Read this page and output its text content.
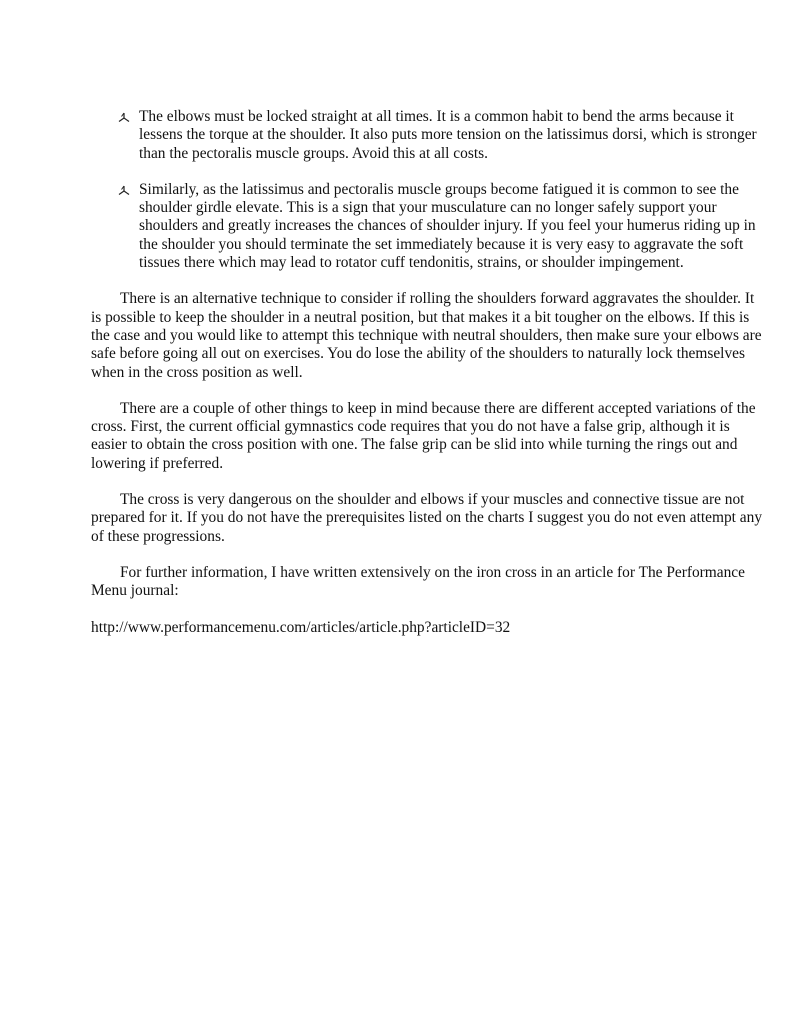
The elbows must be locked straight at all times. It is a common habit to bend the arms because it lessens the torque at the shoulder. It also puts more tension on the latissimus dorsi, which is stronger than the pectoralis muscle groups. Avoid this at all costs.
Similarly, as the latissimus and pectoralis muscle groups become fatigued it is common to see the shoulder girdle elevate. This is a sign that your musculature can no longer safely support your shoulders and greatly increases the chances of shoulder injury. If you feel your humerus riding up in the shoulder you should terminate the set immediately because it is very easy to aggravate the soft tissues there which may lead to rotator cuff tendonitis, strains, or shoulder impingement.

There is an alternative technique to consider if rolling the shoulders forward aggravates the shoulder. It is possible to keep the shoulder in a neutral position, but that makes it a bit tougher on the elbows. If this is the case and you would like to attempt this technique with neutral shoulders, then make sure your elbows are safe before going all out on exercises. You do lose the ability of the shoulders to naturally lock themselves when in the cross position as well.

There are a couple of other things to keep in mind because there are different accepted variations of the cross. First, the current official gymnastics code requires that you do not have a false grip, although it is easier to obtain the cross position with one. The false grip can be slid into while turning the rings out and lowering if preferred.

The cross is very dangerous on the shoulder and elbows if your muscles and connective tissue are not prepared for it. If you do not have the prerequisites listed on the charts I suggest you do not even attempt any of these progressions.

For further information, I have written extensively on the iron cross in an article for The Performance Menu journal:

http://www.performancemenu.com/articles/article.php?articleID=32
